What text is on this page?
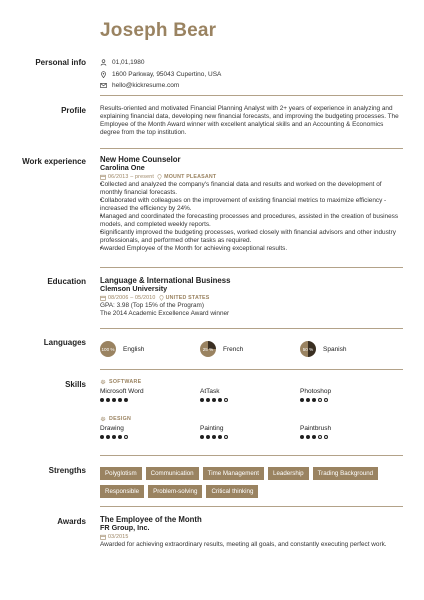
Joseph Bear
Personal info	01,01,1980
1600 Parkway, 95043 Cupertino, USA
hello@kickresume.com
Profile Results-oriented and motivated Financial Planning Analyst with 2+ years of experience in analyzing and explaining financial data, developing new financial forecasts, and improving the budgeting processes. The Employee of the Month Award winner with excellent analytical skills and an Accounting & Economics degree from the top institution.
Work experience New Home Counselor
Carolina One
06/2013 – present MOUNT PLEASANT
• Collected and analyzed the company's financial data and results and worked on the development of monthly financial forecasts.
• Collaborated with colleagues on the improvement of existing financial metrics to maximize efficiency - increased the efficiency by 24%.
• Managed and coordinated the forecasting processes and procedures, assisted in the creation of business models, and completed weekly reports.
• Significantly improved the budgeting processes, worked closely with financial advisors and other industry professionals, and performed other tasks as required.
• Awarded Employee of the Month for achieving exceptional results.
Education Language & International Business
Clemson University
08/2006 – 05/2010 UNITED STATES
GPA: 3.98 (Top 15% of the Program)
The 2014 Academic Excellence Award winner
Languages
100 % English	25 % French	50 % Spanish
Skills	SOFTWARE
Microsoft Word	AtTask	Photoshop
DESIGN
Drawing	Painting	Paintbrush
Strengths	Polyglotism	Communication	Time Management	Leadership	Trading Background
Responsible	Problem-solving	Critical thinking
Awards The Employee of the Month
FR Group, Inc.
03/2015
Awarded for achieving extraordinary results, meeting all goals, and constantly executing perfect work.
